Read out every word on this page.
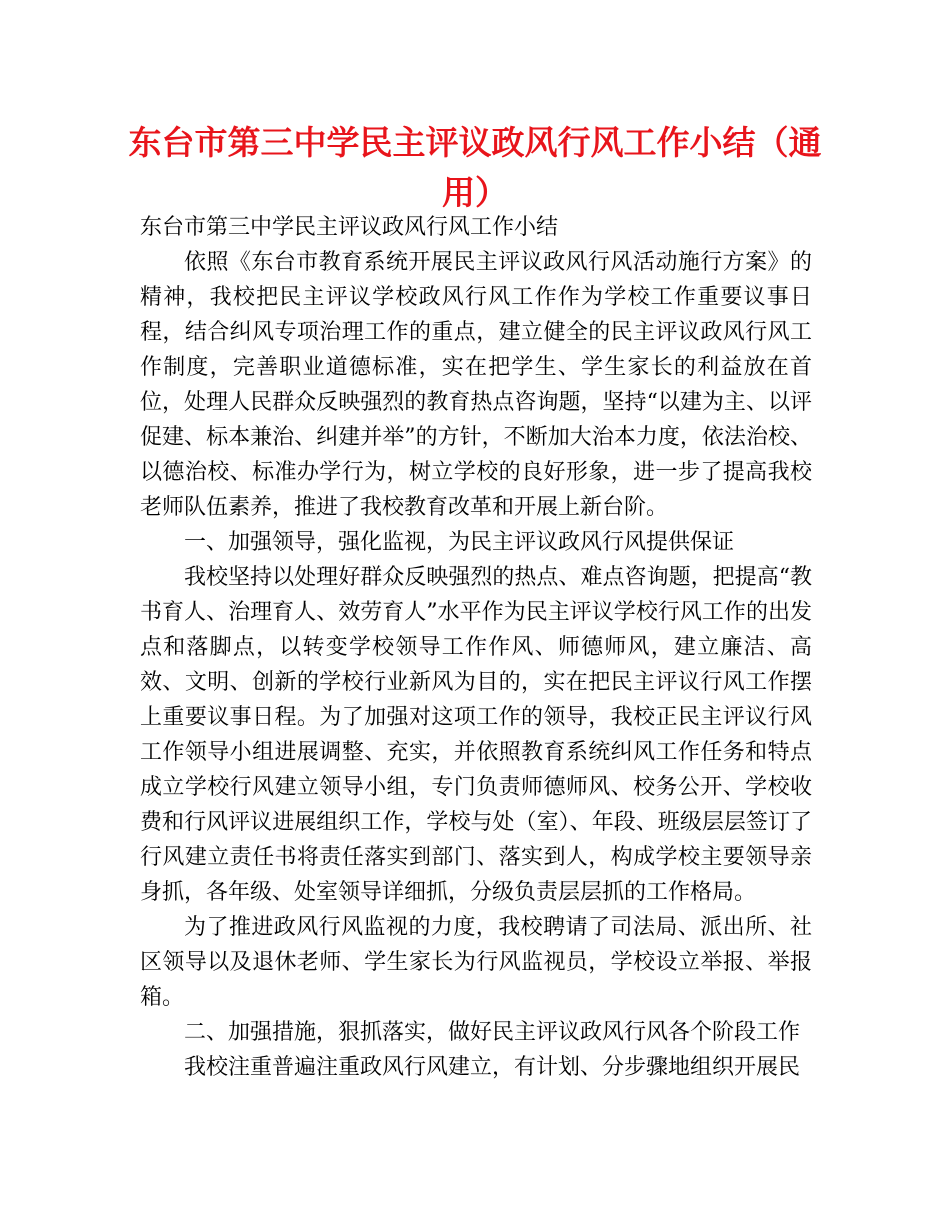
东台市第三中学民主评议政风行风工作小结（通用）

东台市第三中学民主评议政风行风工作小结

依照《东台市教育系统开展民主评议政风行风活动施行方案》的精神，我校把民主评议学校政风行风工作作为学校工作重要议事日程，结合纠风专项治理工作的重点，建立健全的民主评议政风行风工作制度，完善职业道德标准，实在把学生、学生家长的利益放在首位，处理人民群众反映强烈的教育热点咨询题，坚持“以建为主、以评促建、标本兼治、纠建并举”的方针，不断加大治本力度，依法治校、以德治校、标准办学行为，树立学校的良好形象，进一步了提高我校老师队伍素养，推进了我校教育改革和开展上新台阶。

一、加强领导，强化监视，为民主评议政风行风提供保证

我校坚持以处理好群众反映强烈的热点、难点咨询题，把提高“教书育人、治理育人、效劳育人”水平作为民主评议学校行风工作的出发点和落脚点，以转变学校领导工作作风、师德师风，建立廉洁、高效、文明、创新的学校行业新风为目的，实在把民主评议行风工作摆上重要议事日程。为了加强对这项工作的领导，我校正民主评议行风工作领导小组进展调整、充实，并依照教育系统纠风工作任务和特点成立学校行风建立领导小组，专门负责师德师风、校务公开、学校收费和行风评议进展组织工作，学校与处（室）、年段、班级层层签订了行风建立责任书将责任落实到部门、落实到人，构成学校主要领导亲身抓，各年级、处室领导详细抓，分级负责层层抓的工作格局。

为了推进政风行风监视的力度，我校聘请了司法局、派出所、社区领导以及退休老师、学生家长为行风监视员，学校设立举报、举报箱。

二、加强措施，狠抓落实，做好民主评议政风行风各个阶段工作

我校注重普遍注重政风行风建立，有计划、分步骤地组织开展民
